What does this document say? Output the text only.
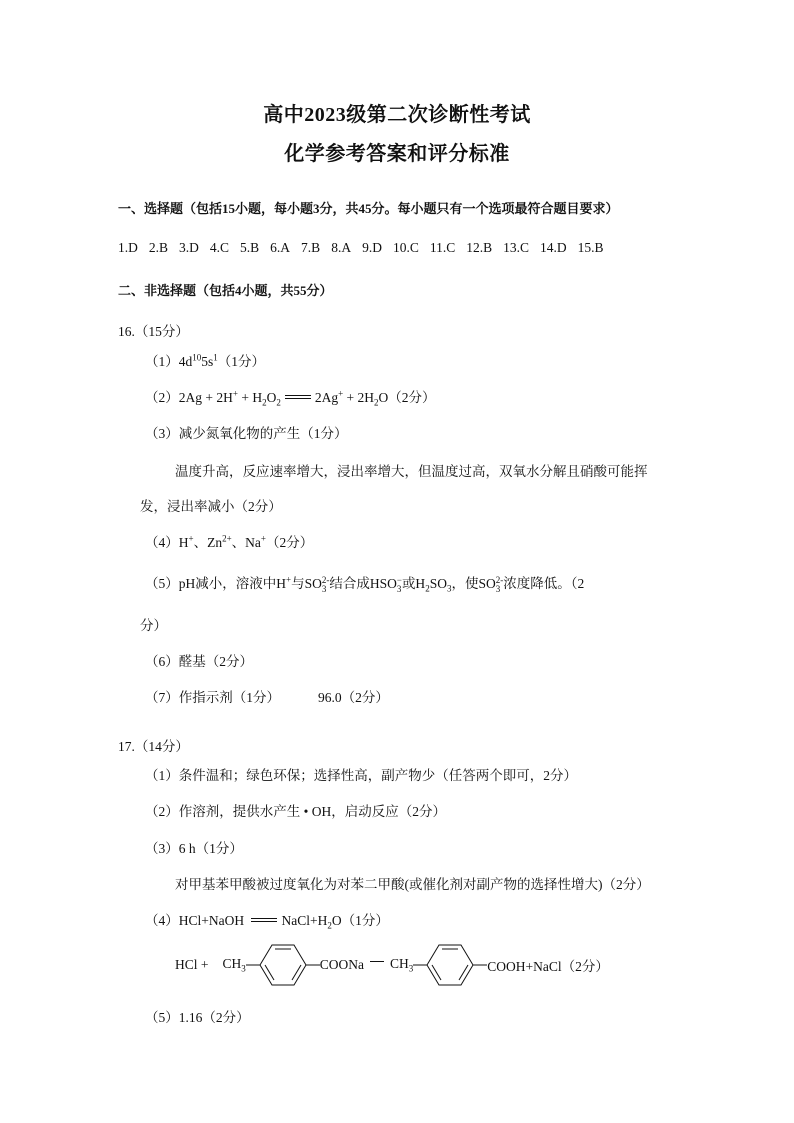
高中2023级第二次诊断性考试
化学参考答案和评分标准
一、选择题（包括15小题，每小题3分，共45分。每小题只有一个选项最符合题目要求）
1.D 2.B 3.D 4.C 5.B 6.A 7.B 8.A 9.D 10.C 11.C 12.B 13.C 14.D 15.B
二、非选择题（包括4小题，共55分）
16.（15分）
$(1)4d^{10}5s^1(1$分）
$(2)2Ag + 2H^+ + H_2O_2$	$2Ag^+ + 2H_2O(2$分）
（3）减少氮氧化物的产生（1分）
温度升高，反应速率增大，浸出率增大，但温度过高，双氧水分解且硝酸可能挥
发，浸出率减小（2分）
（4）H+、$Zn^{2+}$、Na+（2分）
（5）pH减小，溶液中H+与SO 2-
3 结合成HSO −
3 或$H_2SO_3$，使SO 2-
3 浓度降低。（2
分）
（6）醛基（2分）
（7）作指示剂（1分）	96.0（2分）
17.（14分）
（1）条件温和；绿色环保；选择性高，副产物少（任答两个即可，2分）
（2）作溶剂，提供水产生 • OH，启动反应（2分）
（3）6 h（1分）
对甲基苯甲酸被过度氧化为对苯二甲酸(或催化剂对副产物的选择性增大)（2分）
（4）HCl+NaOH	$NaCl+H_2O(1$分）
HCl + $CH_3$	COONa $CH_3$	COOH+NaCl（2分）
（5）1.16（2分）
